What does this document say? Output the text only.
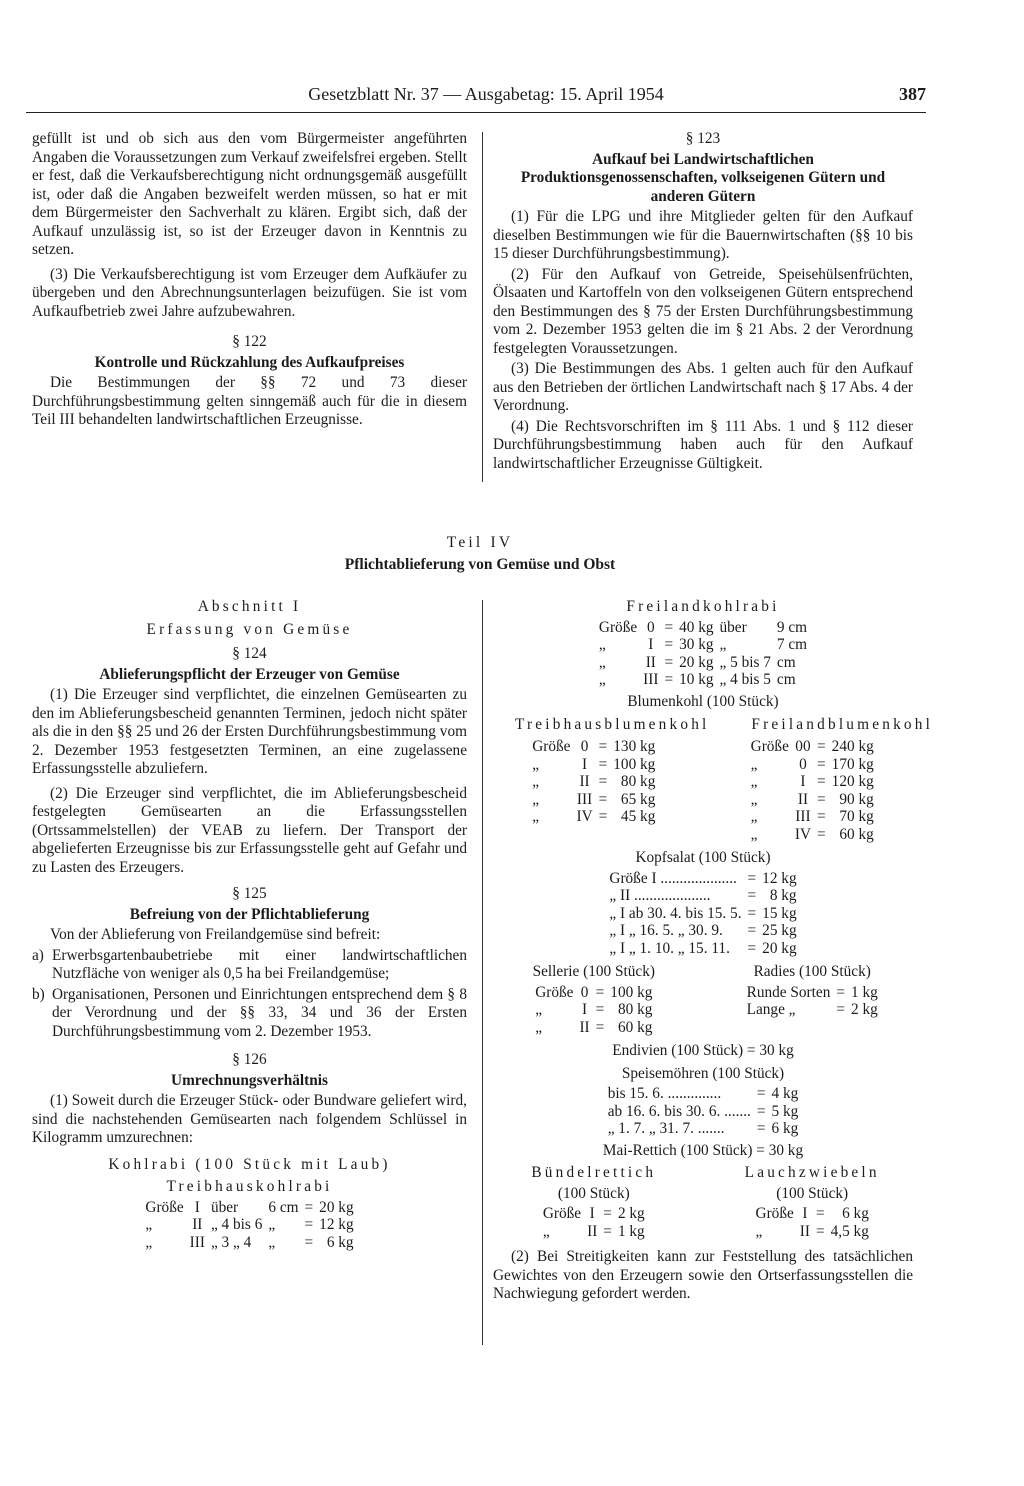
Gesetzblatt Nr. 37 — Ausgabetag: 15. April 1954	387

gefüllt ist und ob sich aus den vom Bürgermeister angeführten Angaben die Voraussetzungen zum Verkauf zweifelsfrei ergeben. Stellt er fest, daß die Verkaufsberechtigung nicht ordnungsgemäß ausgefüllt ist, oder daß die Angaben bezweifelt werden müssen, so hat er mit dem Bürgermeister den Sachverhalt zu klären. Ergibt sich, daß der Aufkauf unzulässig ist, so ist der Erzeuger davon in Kenntnis zu setzen.

(3) Die Verkaufsberechtigung ist vom Erzeuger dem Aufkäufer zu übergeben und den Abrechnungsunterlagen beizufügen. Sie ist vom Aufkaufbetrieb zwei Jahre aufzubewahren.

§ 122

Kontrolle und Rückzahlung des Aufkaufpreises

Die Bestimmungen der §§ 72 und 73 dieser Durchführungsbestimmung gelten sinngemäß auch für die in diesem Teil III behandelten landwirtschaftlichen Erzeugnisse.

§ 123

Aufkauf bei Landwirtschaftlichen Produktionsgenossenschaften, volkseigenen Gütern und anderen Gütern

(1) Für die LPG und ihre Mitglieder gelten für den Aufkauf dieselben Bestimmungen wie für die Bauernwirtschaften (§§ 10 bis 15 dieser Durchführungsbestimmung).

(2) Für den Aufkauf von Getreide, Speisehülsenfrüchten, Ölsaaten und Kartoffeln von den volkseigenen Gütern entsprechend den Bestimmungen des § 75 der Ersten Durchführungsbestimmung vom 2. Dezember 1953 gelten die im § 21 Abs. 2 der Verordnung festgelegten Voraussetzungen.

(3) Die Bestimmungen des Abs. 1 gelten auch für den Aufkauf aus den Betrieben der örtlichen Landwirtschaft nach § 17 Abs. 4 der Verordnung.

(4) Die Rechtsvorschriften im § 111 Abs. 1 und § 112 dieser Durchführungsbestimmung haben auch für den Aufkauf landwirtschaftlicher Erzeugnisse Gültigkeit.

Teil IV
Pflichtablieferung von Gemüse und Obst

Abschnitt I

Erfassung von Gemüse

§ 124

Ablieferungspflicht der Erzeuger von Gemüse

(1) Die Erzeuger sind verpflichtet, die einzelnen Gemüsearten zu den im Ablieferungsbescheid genannten Terminen, jedoch nicht später als die in den §§ 25 und 26 der Ersten Durchführungsbestimmung vom 2. Dezember 1953 festgesetzten Terminen, an eine zugelassene Erfassungsstelle abzuliefern.

(2) Die Erzeuger sind verpflichtet, die im Ablieferungsbescheid festgelegten Gemüsearten an die Erfassungsstellen (Ortssammelstellen) der VEAB zu liefern. Der Transport der abgelieferten Erzeugnisse bis zur Erfassungsstelle geht auf Gefahr und zu Lasten des Erzeugers.

§ 125

Befreiung von der Pflichtablieferung

Von der Ablieferung von Freilandgemüse sind befreit:

a) Erwerbsgartenbaubetriebe mit einer landwirtschaftlichen Nutzfläche von weniger als 0,5 ha bei Freilandgemüse;

b) Organisationen, Personen und Einrichtungen entsprechend dem § 8 der Verordnung und der §§ 33, 34 und 36 der Ersten Durchführungsbestimmung vom 2. Dezember 1953.

§ 126

Umrechnungsverhältnis

(1) Soweit durch die Erzeuger Stück- oder Bundware geliefert wird, sind die nachstehenden Gemüsearten nach folgendem Schlüssel in Kilogramm umzurechnen:

Kohlrabi (100 Stück mit Laub)

Treibhauskohlrabi

Größe	I	über	6 cm	=	20 kg
„	II	„ 4 bis 6	„	=	12 kg
„	III	„ 3 „ 4	„	=	6 kg

Freilandkohlrabi

Größe	0	=	40 kg	über	9 cm
„	I	=	30 kg	„	7 cm
„	II	=	20 kg	„ 5 bis 7	cm
„	III	=	10 kg	„ 4 bis 5	cm

Blumenkohl (100 Stück)

Treibhausblumenkohl

Größe	0	=	130 kg
„	I	=	100 kg
„	II	=	80 kg
„	III	=	65 kg
„	IV	=	45 kg

Freilandblumenkohl

Größe	00	=	240 kg
„	0	=	170 kg
„	I	=	120 kg
„	II	=	90 kg
„	III	=	70 kg
„	IV	=	60 kg

Kopfsalat (100 Stück)

Größe I ....................	=	12 kg
„ II ....................	=	8 kg
„ I ab 30. 4. bis 15. 5.	=	15 kg
„ I „ 16. 5. „ 30. 9.	=	25 kg
„ I „ 1. 10. „ 15. 11.	=	20 kg

Sellerie (100 Stück)

Größe	0	=	100 kg
„	I	=	80 kg
„	II	=	60 kg

Radies (100 Stück)

Runde Sorten	=	1 kg
Lange „	=	2 kg

Endivien (100 Stück) = 30 kg

Speisemöhren (100 Stück)

bis 15. 6. ..............	=	4 kg
ab 16. 6. bis 30. 6. .......	=	5 kg
„ 1. 7. „ 31. 7. .......	=	6 kg

Mai-Rettich (100 Stück) = 30 kg

Bündelrettich

(100 Stück)

Größe	I	=	2 kg
„	II	=	1 kg

Lauchzwiebeln

(100 Stück)

Größe	I	=	6 kg
„	II	=	4,5 kg

(2) Bei Streitigkeiten kann zur Feststellung des tatsächlichen Gewichtes von den Erzeugern sowie den Ortserfassungsstellen die Nachwiegung gefordert werden.
